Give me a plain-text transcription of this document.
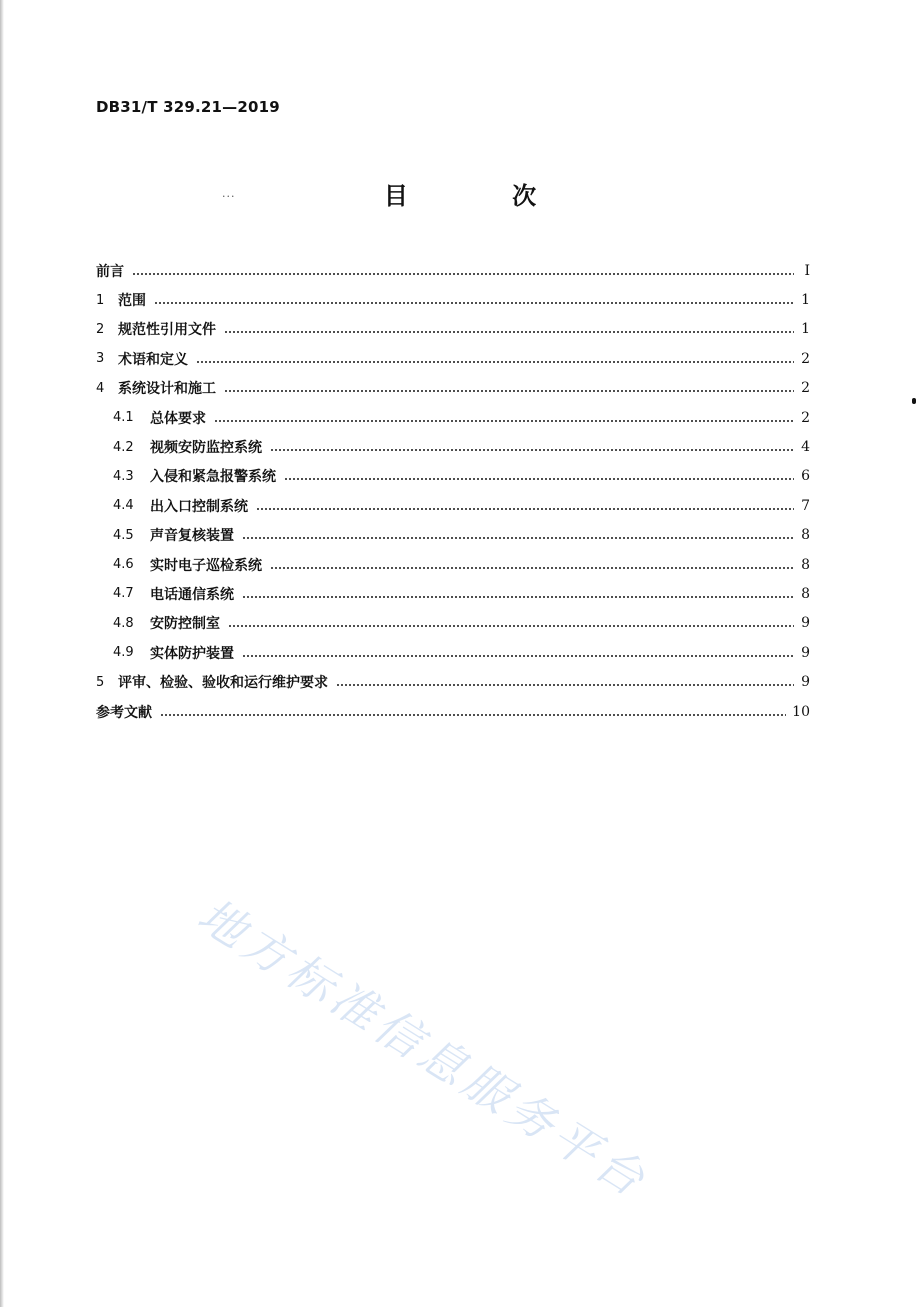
DB31/T 329.21—2019
···	目 次
前言	Ⅰ
1 范围	1
2 规范性引用文件	1
3 术语和定义	2
4 系统设计和施工	2
4.1	总体要求	2
4.2	视频安防监控系统	4
4.3	入侵和紧急报警系统	6
4.4	出入口控制系统	7
4.5	声音复核装置	8
4.6	实时电子巡检系统	8
4.7	电话通信系统	8
4.8	安防控制室	9
4.9	实体防护装置	9
5 评审、检验、验收和运行维护要求	9
参考文献	10
地方标准信息服务平台
